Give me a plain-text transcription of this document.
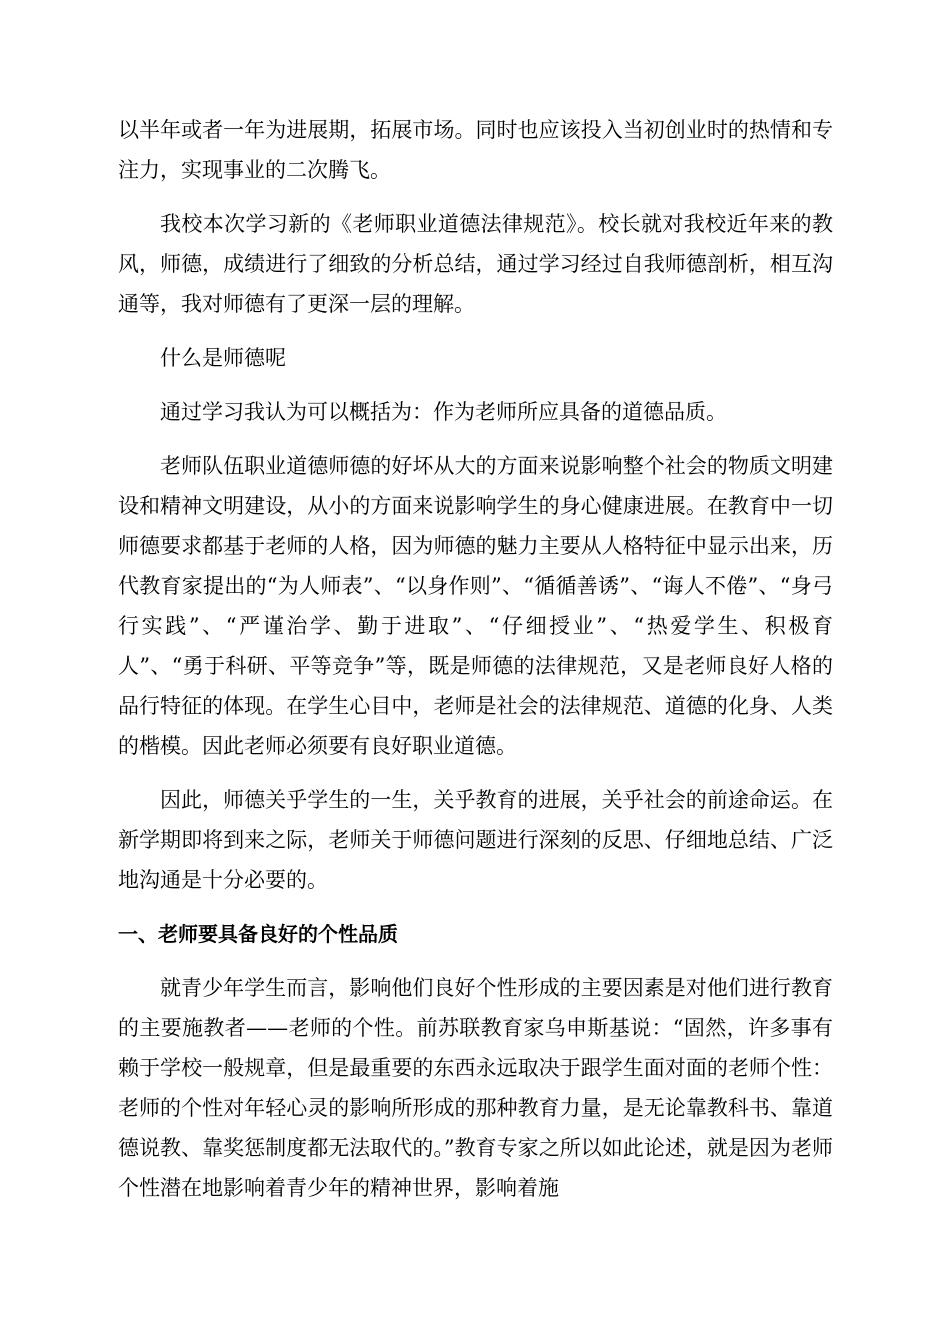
以半年或者一年为进展期，拓展市场。同时也应该投入当初创业时的热情和专注力，实现事业的二次腾飞。

我校本次学习新的《老师职业道德法律规范》。校长就对我校近年来的教风，师德，成绩进行了细致的分析总结，通过学习经过自我师德剖析，相互沟通等，我对师德有了更深一层的理解。

什么是师德呢

通过学习我认为可以概括为：作为老师所应具备的道德品质。

老师队伍职业道德师德的好坏从大的方面来说影响整个社会的物质文明建设和精神文明建设，从小的方面来说影响学生的身心健康进展。在教育中一切师德要求都基于老师的人格，因为师德的魅力主要从人格特征中显示出来，历代教育家提出的“为人师表”、“以身作则”、“循循善诱”、“诲人不倦”、“身弓行实践”、“严谨治学、勤于进取”、“仔细授业”、“热爱学生、积极育人”、“勇于科研、平等竞争”等，既是师德的法律规范，又是老师良好人格的品行特征的体现。在学生心目中，老师是社会的法律规范、道德的化身、人类的楷模。因此老师必须要有良好职业道德。

因此，师德关乎学生的一生，关乎教育的进展，关乎社会的前途命运。在新学期即将到来之际，老师关于师德问题进行深刻的反思、仔细地总结、广泛地沟通是十分必要的。

一、老师要具备良好的个性品质

就青少年学生而言，影响他们良好个性形成的主要因素是对他们进行教育的主要施教者——老师的个性。前苏联教育家乌申斯基说：“固然，许多事有赖于学校一般规章，但是最重要的东西永远取决于跟学生面对面的老师个性：老师的个性对年轻心灵的影响所形成的那种教育力量，是无论靠教科书、靠道德说教、靠奖惩制度都无法取代的。”教育专家之所以如此论述，就是因为老师个性潜在地影响着青少年的精神世界，影响着施
